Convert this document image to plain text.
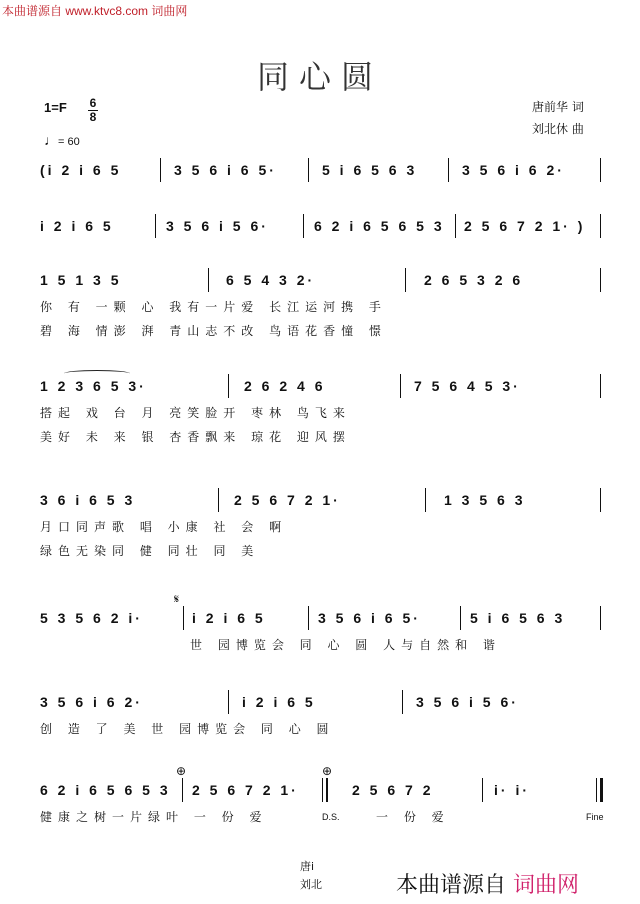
本曲谱源自 www.ktvc8.com 词曲网
同心圆
1=F 6
8
♩= 60
唐前华 词
刘北休 曲
(i 2 i 6 5	3 5 6 i 6 5·	5 i 6 5 6 3	3 5 6 i 6 2·
i 2 i 6 5	3 5 6 i 5 6·	6 2 i 6 5 6 5 3 2 5 6 7 2 1· )
1 5 1 3 5	6 5 4 3 2·	2 6 5 3 2 6
你 有 一颗 心 我有一片爱 长江运河携 手
碧 海 情澎 湃 青山志不改 鸟语花香憧 憬
1 2 3 6 5 3·	2 6 2 4 6	7 5 6 4 5 3·
搭起 戏 台 月 亮笑脸开 枣林 鸟飞来
美好 未 来 银 杏香飘来 琼花 迎风摆
3 6 i 6 5 3	2 5 6 7 2 1·	1 3 5 6 3
月口同声歌 唱 小康 社 会 啊
绿色无染同 健 同壮 同 美
𝄋
5 3 5 6 2 i·	i 2 i 6 5	3 5 6 i 6 5·	5 i 6 5 6 3
世 园博览会 同 心 圆 人与自然和 谐
3 5 6 i 6 2·	i 2 i 6 5	3 5 6 i 5 6·
创 造 了 美 世 园博览会 同 心 圆
⊕	⊕
6 2 i 6 5 6 5 3 2 5 6 7 2 1·	2 5 6 7 2	i· i·
健康之树一片绿叶 一 份 爱	D.S.	一 份 爱	Fine
唐i
刘北	本曲谱源自 词曲网
